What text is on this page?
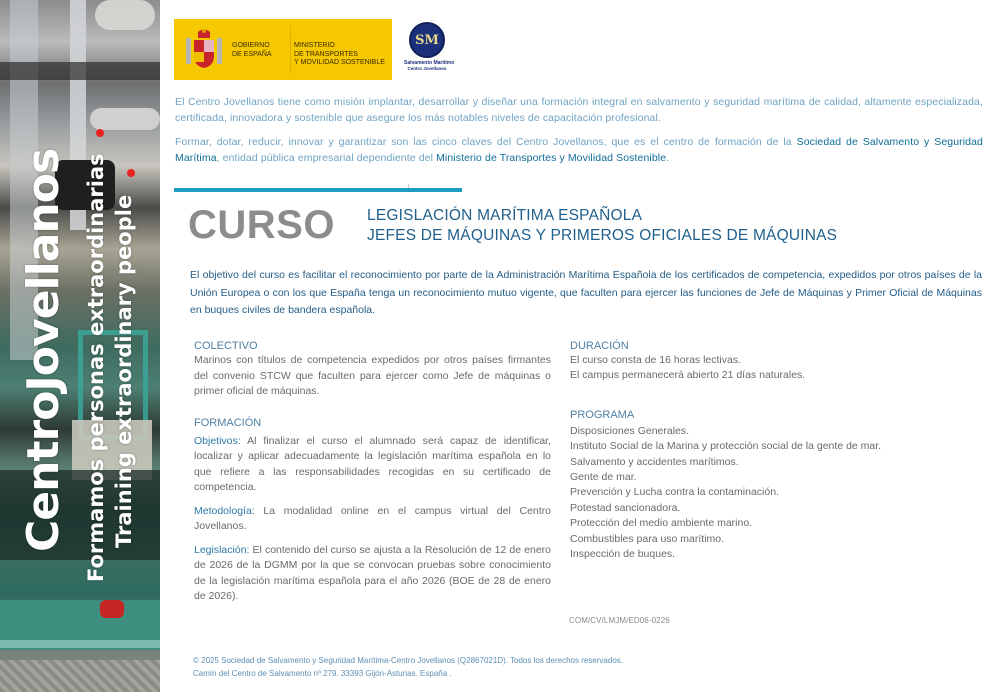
CentroJovellanos Formamos personas extraordinarias Training extraordinary people
GOBIERNO
DE ESPAÑA
MINISTERIO
DE TRANSPORTES
Y MOVILIDAD SOSTENIBLE
SM
Salvamento Marítimo
Centro Jovellanos

El Centro Jovellanos tiene como misión implantar, desarrollar y diseñar una formación integral en salvamento y seguridad marítima de calidad, altamente especializada, certificada, innovadora y sostenible que asegure los más notables niveles de capacitación profesional.

Formar, dotar, reducir, innovar y garantizar son las cinco claves del Centro Jovellanos, que es el centro de formación de la Sociedad de Salvamento y Seguridad Marítima, entidad pública empresarial dependiente del Ministerio de Transportes y Movilidad Sostenible.

CURSO LEGISLACIÓN MARÍTIMA ESPAÑOLA
JEFES DE MÁQUINAS Y PRIMEROS OFICIALES DE MÁQUINAS

El objetivo del curso es facilitar el reconocimiento por parte de la Administración Marítima Española de los certificados de competencia, expedidos por otros países de la Unión Europea o con los que España tenga un reconocimiento mutuo vigente, que faculten para ejercer las funciones de Jefe de Máquinas y Primer Oficial de Máquinas en buques civiles de bandera española.

COLECTIVO

Marinos con títulos de competencia expedidos por otros países firmantes del convenio STCW que faculten para ejercer como Jefe de máquinas o primer oficial de máquinas.

FORMACIÓN

Objetivos: Al finalizar el curso el alumnado será capaz de identificar, localizar y aplicar adecuadamente la legislación marítima española en lo que refiere a las responsabilidades recogidas en su certificado de competencia.

Metodología: La modalidad online en el campus virtual del Centro Jovellanos.

Legislación: El contenido del curso se ajusta a la Resolución de 12 de enero de 2026 de la DGMM por la que se convocan pruebas sobre conocimiento de la legislación marítima española para el año 2026 (BOE de 28 de enero de 2026).

DURACIÓN
El curso consta de 16 horas lectivas.
El campus permanecerá abierto 21 días naturales.
PROGRAMA
Disposiciones Generales.
Instituto Social de la Marina y protección social de la gente de mar.
Salvamento y accidentes marítimos.
Gente de mar.
Prevención y Lucha contra la contaminación.
Potestad sancionadora.
Protección del medio ambiente marino.
Combustibles para uso marítimo.
Inspección de buques.
COM/CV/LMJM/ED06-0226
© 2025 Sociedad de Salvamento y Seguridad Marítima-Centro Jovellanos (Q2867021D). Todos los derechos reservados.
Camín del Centro de Salvamento nº 279. 33393 Gijón-Asturias. España .
